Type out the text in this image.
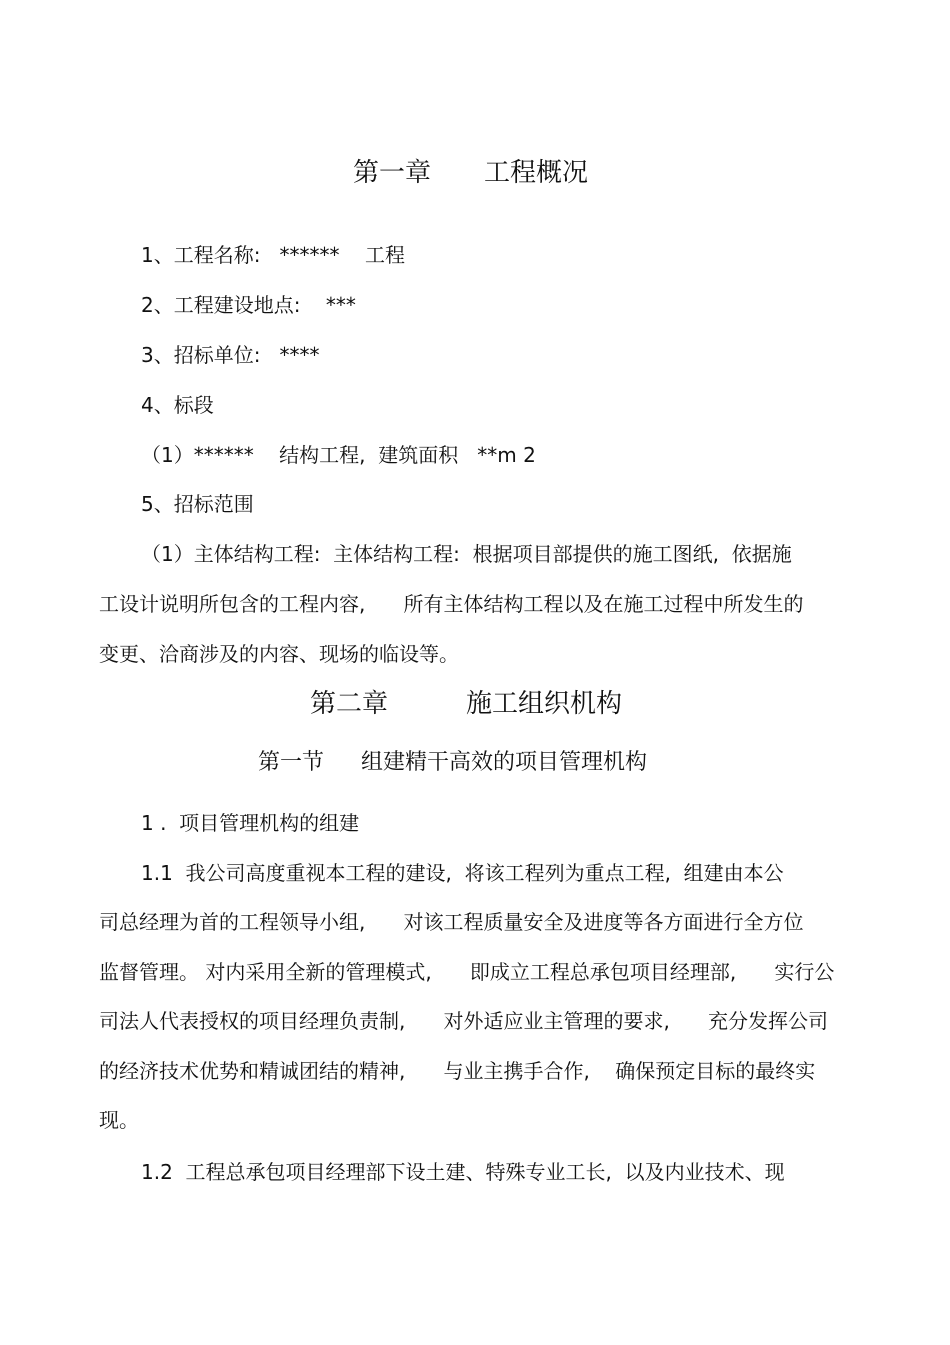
第一章 工程概况

1、工程名称:   ******    工程

2、工程建设地点:    ***

3、招标单位:   ****

4、标段

（1）******    结构工程,  建筑面积   **m 2

5、招标范围

（1）主体结构工程:  主体结构工程:  根据项目部提供的施工图纸,  依据施

工设计说明所包含的工程内容,      所有主体结构工程以及在施工过程中所发生的

变更、洽商涉及的内容、现场的临设等。

第二章	施工组织机构
第一节 组建精干高效的项目管理机构

1 .  项目管理机构的组建

1.1  我公司高度重视本工程的建设,  将该工程列为重点工程,  组建由本公

司总经理为首的工程领导小组,      对该工程质量安全及进度等各方面进行全方位

监督管理。 对内采用全新的管理模式,      即成立工程总承包项目经理部,      实行公

司法人代表授权的项目经理负责制,      对外适应业主管理的要求,      充分发挥公司

的经济技术优势和精诚团结的精神,      与业主携手合作,    确保预定目标的最终实

现。

1.2  工程总承包项目经理部下设土建、特殊专业工长,  以及内业技术、现
